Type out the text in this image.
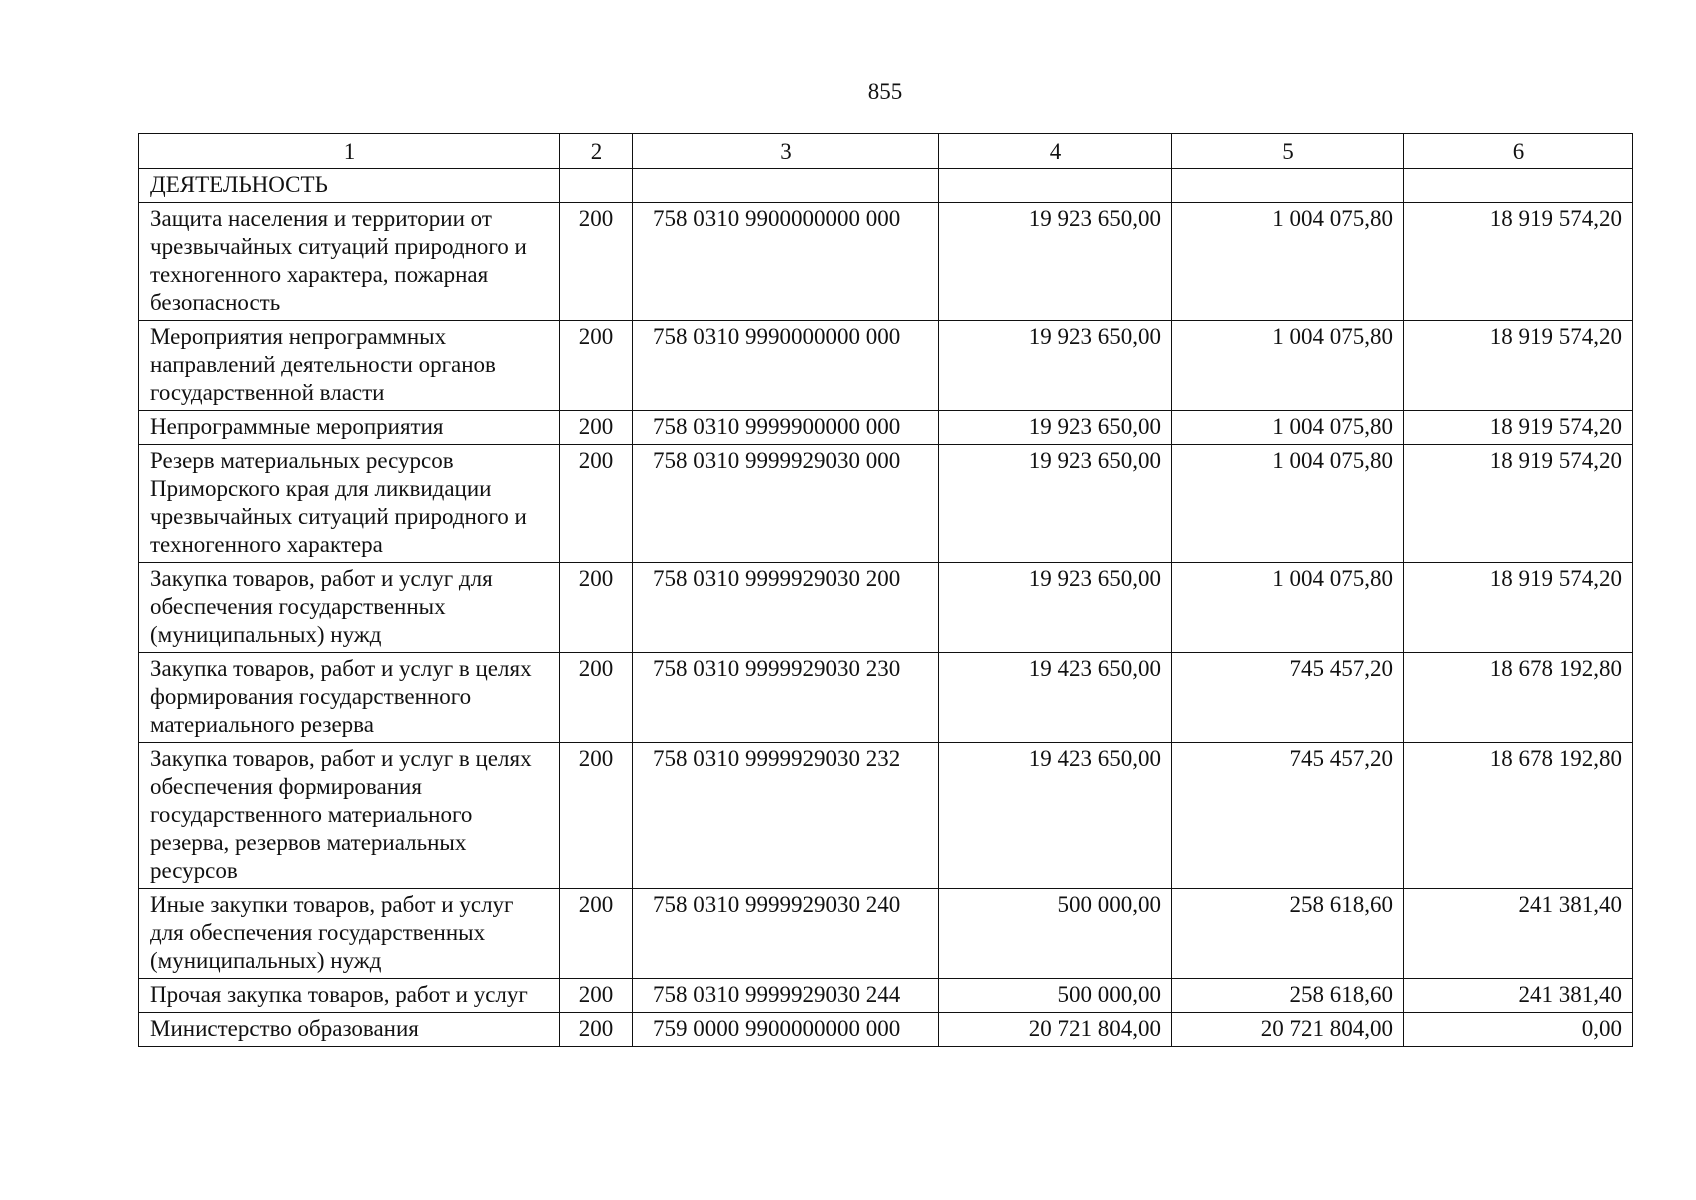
855
1	2	3	4	5	6
ДЕЯТЕЛЬНОСТЬ					
Защита населения и территории от чрезвычайных ситуаций природного и техногенного характера, пожарная безопасность	200	758 0310 9900000000 000	19 923 650,00	1 004 075,80	18 919 574,20
Мероприятия непрограммных направлений деятельности органов государственной власти	200	758 0310 9990000000 000	19 923 650,00	1 004 075,80	18 919 574,20
Непрограммные мероприятия	200	758 0310 9999900000 000	19 923 650,00	1 004 075,80	18 919 574,20
Резерв материальных ресурсов Приморского края для ликвидации чрезвычайных ситуаций природного и техногенного характера	200	758 0310 9999929030 000	19 923 650,00	1 004 075,80	18 919 574,20
Закупка товаров, работ и услуг для обеспечения государственных (муниципальных) нужд	200	758 0310 9999929030 200	19 923 650,00	1 004 075,80	18 919 574,20
Закупка товаров, работ и услуг в целях формирования государственного материального резерва	200	758 0310 9999929030 230	19 423 650,00	745 457,20	18 678 192,80
Закупка товаров, работ и услуг в целях обеспечения формирования государственного материального резерва, резервов материальных ресурсов	200	758 0310 9999929030 232	19 423 650,00	745 457,20	18 678 192,80
Иные закупки товаров, работ и услуг для обеспечения государственных (муниципальных) нужд	200	758 0310 9999929030 240	500 000,00	258 618,60	241 381,40
Прочая закупка товаров, работ и услуг	200	758 0310 9999929030 244	500 000,00	258 618,60	241 381,40
Министерство образования	200	759 0000 9900000000 000	20 721 804,00	20 721 804,00	0,00
